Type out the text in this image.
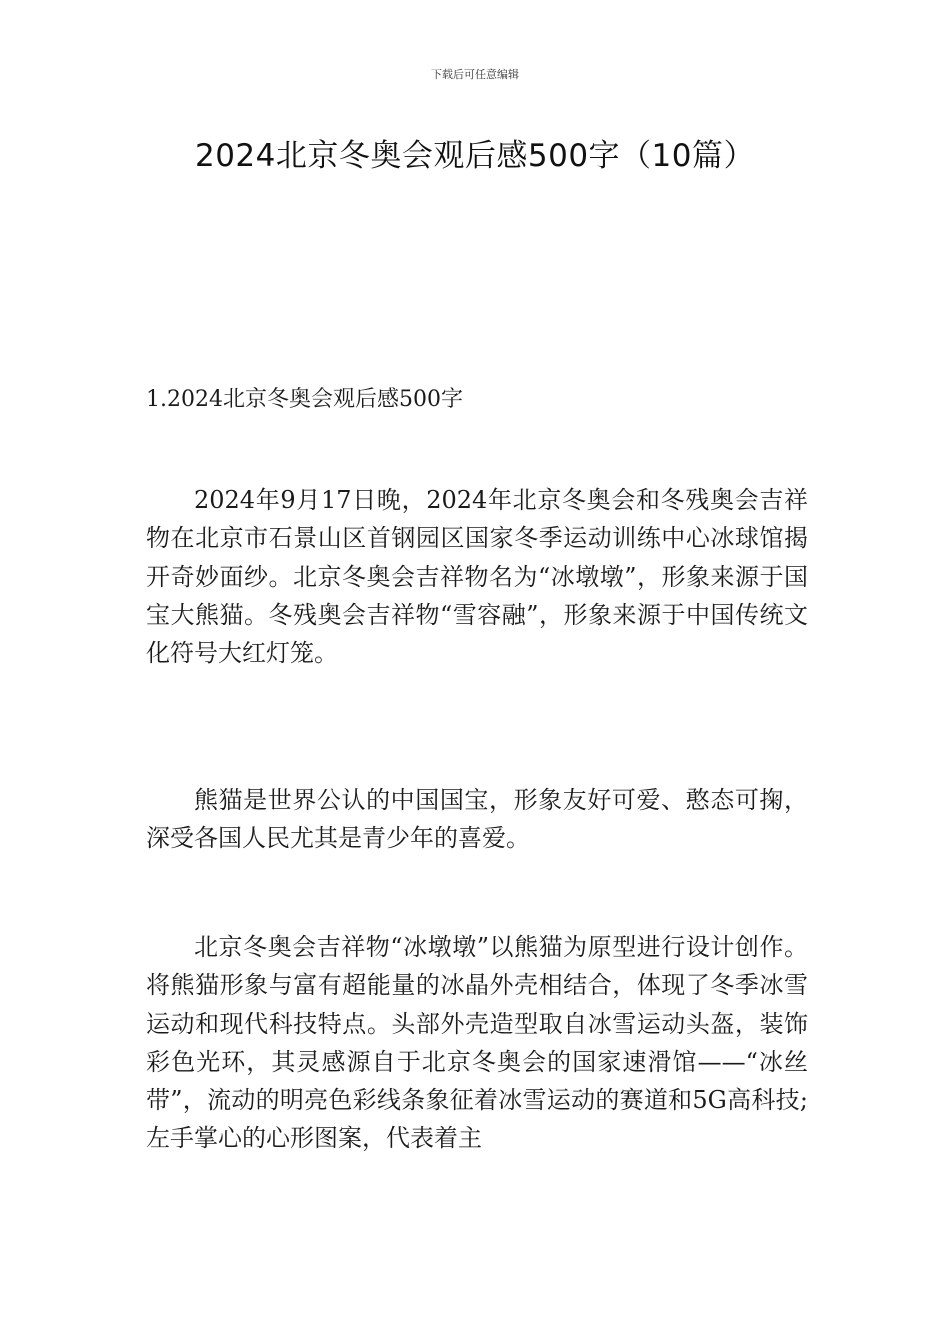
下载后可任意编辑
2024北京冬奥会观后感500字（10篇）
1.2024北京冬奥会观后感500字

2024年9月17日晚，2024年北京冬奥会和冬残奥会吉祥物在北京市石景山区首钢园区国家冬季运动训练中心冰球馆揭开奇妙面纱。北京冬奥会吉祥物名为“冰墩墩”，形象来源于国宝大熊猫。冬残奥会吉祥物“雪容融”，形象来源于中国传统文化符号大红灯笼。

熊猫是世界公认的中国国宝，形象友好可爱、憨态可掬，深受各国人民尤其是青少年的喜爱。

北京冬奥会吉祥物“冰墩墩”以熊猫为原型进行设计创作。将熊猫形象与富有超能量的冰晶外壳相结合，体现了冬季冰雪运动和现代科技特点。头部外壳造型取自冰雪运动头盔，装饰彩色光环，其灵感源自于北京冬奥会的国家速滑馆——“冰丝带”，流动的明亮色彩线条象征着冰雪运动的赛道和5G高科技;左手掌心的心形图案，代表着主
